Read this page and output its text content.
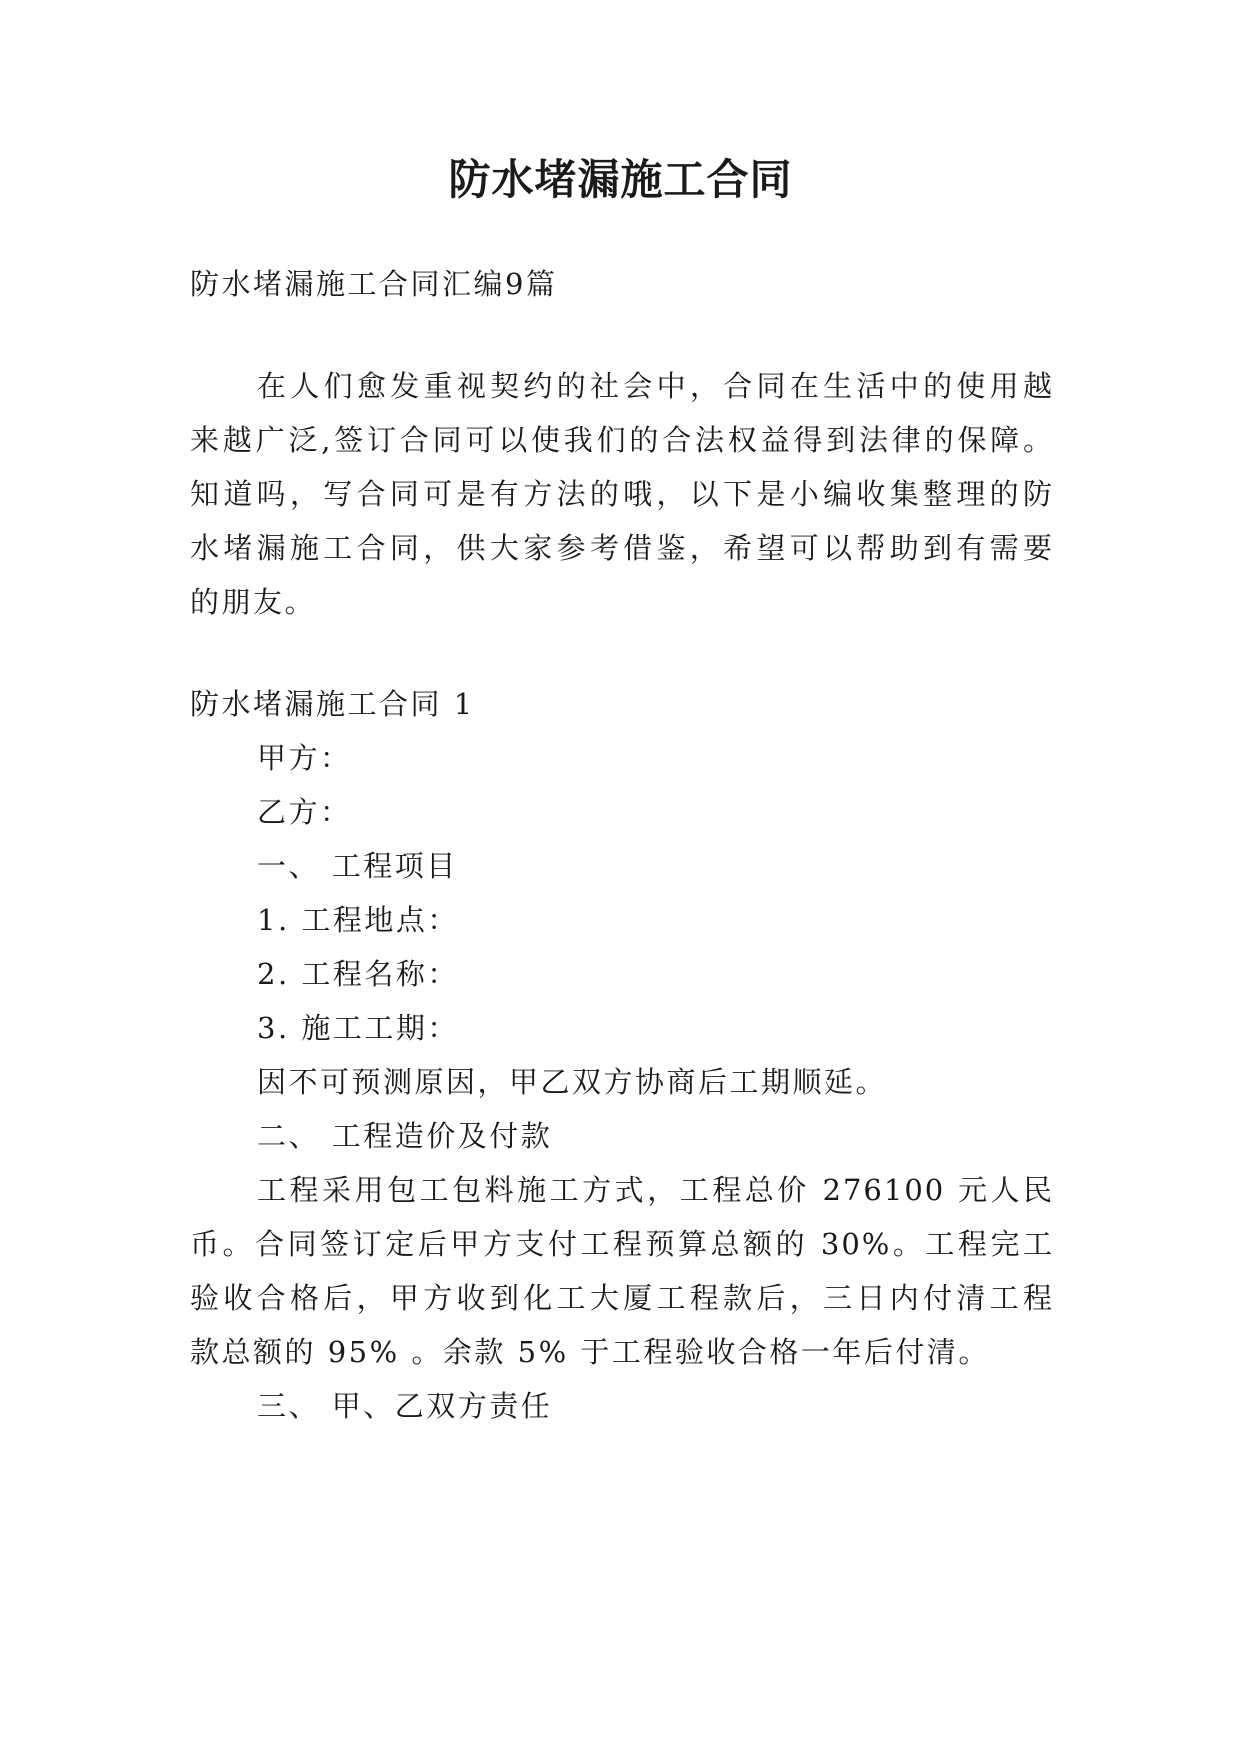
防水堵漏施工合同
防水堵漏施工合同汇编9篇
在人们愈发重视契约的社会中，合同在生活中的使用越
来越广泛,签订合同可以使我们的合法权益得到法律的保障。
知道吗，写合同可是有方法的哦，以下是小编收集整理的防
水堵漏施工合同，供大家参考借鉴，希望可以帮助到有需要
的朋友。
防水堵漏施工合同 1
甲方：
乙方：
一、 工程项目
1. 工程地点：
2. 工程名称：
3. 施工工期：
因不可预测原因，甲乙双方协商后工期顺延。
二、 工程造价及付款
工程采用包工包料施工方式，工程总价 276100 元人民
币。合同签订定后甲方支付工程预算总额的 30%。工程完工
验收合格后，甲方收到化工大厦工程款后，三日内付清工程
款总额的 95% 。余款 5% 于工程验收合格一年后付清。
三、 甲、乙双方责任
